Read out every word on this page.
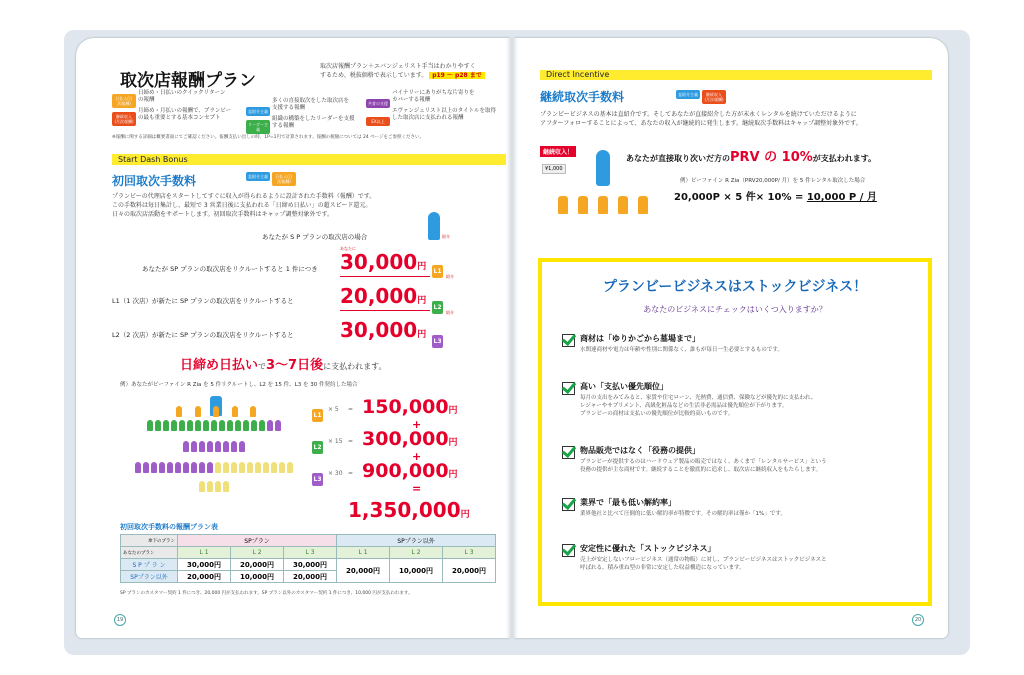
取次店報酬プラン
取次店報酬プラン＋エバンジェリスト手当はわかりやすく
するため、税抜価格で表示しています。 p19 ～ p28 まで
日払入(日次報酬)
日締め・日払いのクイックリターン
の報酬
継続収入(月次報酬)
月締め・月払いの報酬で、プランビー
の最も重要とする基本コンセプト
直紹介主義
多くの直接取次をした取次店を
支援する報酬
リーダー主義
組織の構築をしたリーダーを支援
する報酬
共育の支援
バイナリーにありがちな片寄りを
カバーする報酬
EX以上
エヴァンジェリスト以上のタイトルを取得
した取次店に支払われる報酬
※報酬に関する詳細は概要書面にてご確認ください。報酬支払い出しの時、1P=1円で計算されます。報酬の税額については 24 ページをご参照ください。
Start Dash Bonus
初回取次手数料	直紹介主義	日払入(日次報酬)
プランビーの代理店をスタートしてすぐに収入が得られるように設計された手数料（報酬）です。
この手数料は毎日集計し、最短で 3 営業日後に支払われる「日締め日払い」の超スピード還元。
日々の取次店活動をサポートします。初回取次手数料はキャップ調整対象外です。
あなたが S P プランの取次店の場合	紹介
あなたが SP プランの取次店をリクルートすると 1 件につき
あなたに
30,000円 L1
紹介
L1（1 次店）が新たに SP プランの取次店をリクルートすると 20,000円
L2
紹介
L2（2 次店）が新たに SP プランの取次店をリクルートすると 30,000円
L3
日締め日払いで3～7日後に支払われます。
例）あなたがピーファイン R Zia を 5 件リクルートし、L2 を 15 件、L3 を 30 件契約した場合
L1
× 5 = 150,000円
+
L2
× 15 = 300,000円
+
L3
× 30 = 900,000円
=
1,350,000円
初回取次手数料の報酬プラン表
傘下のプラン	SPプラン			SPプラン以外		
あなたのプラン	L 1	L 2	L 3	L 1	L 2	L 3
S P プ ラ ン	30,000円	20,000円	30,000円	20,000円	10,000円	20,000円
SPプラン以外	20,000円	10,000円	20,000円			
SP プランのカスタマー契約 1 件につき、20,000 円が支払われます。SP プラン以外のカスタマー契約 1 件につき、10,000 円が支払われます。
19
Direct Incentive
継続取次手数料	直紹介主義	継続収入(月次報酬)
プランビービジネスの基本は直紹介です。そしてあなたが直接紹介した方が末永くレンタルを続けていただけるように
アフターフォローすることによって、あなたの収入が継続的に発生します。継続取次手数料はキャップ調整対象外です。
継続収入！
¥1,000
あなたが直接取り次いだ方のPRV の 10%が支払われます。
例）ピーファイン R Zia（PRV20,000P/ 月）を 5 件レンタル取次した場合
20,000P × 5 件× 10% = 10,000 P / 月
プランビービジネスはストックビジネス！
あなたのビジネスにチェックはいくつ入りますか？
商材は「ゆりかごから墓場まで」
水関連商材や電力は年齢や性別に関係なく、誰もが毎日一生必要とするものです。
高い「支払い優先順位」
毎月の支出をみてみると、家賃や住宅ローン、光熱費、通信費、保険などが優先的に支払われ、
レジャーやサプリメント、高級化粧品などの生活非必需品は優先順位が下がります。
プランビーの商材は支払いの優先順位が比較的高いものです。
物品販売ではなく「役務の提供」
プランビーが提供するのはハードウェア製品の販売ではなく、あくまで「レンタルサービス」という
役務の提供が主な商材です。継続することを徹底的に追求し、取次店に継続収入をもたらします。
業界で「最も低い解約率」
業界他社と比べて圧倒的に低い解約率が特徴です。その解約率は僅か「1%」です。
安定性に優れた「ストックビジネス」
売上が安定しないフロービジネス（通常の物販）に対し、プランビービジネスはストックビジネスと
呼ばれる、積み重ね型の非常に安定した収益構造になっています。
20
